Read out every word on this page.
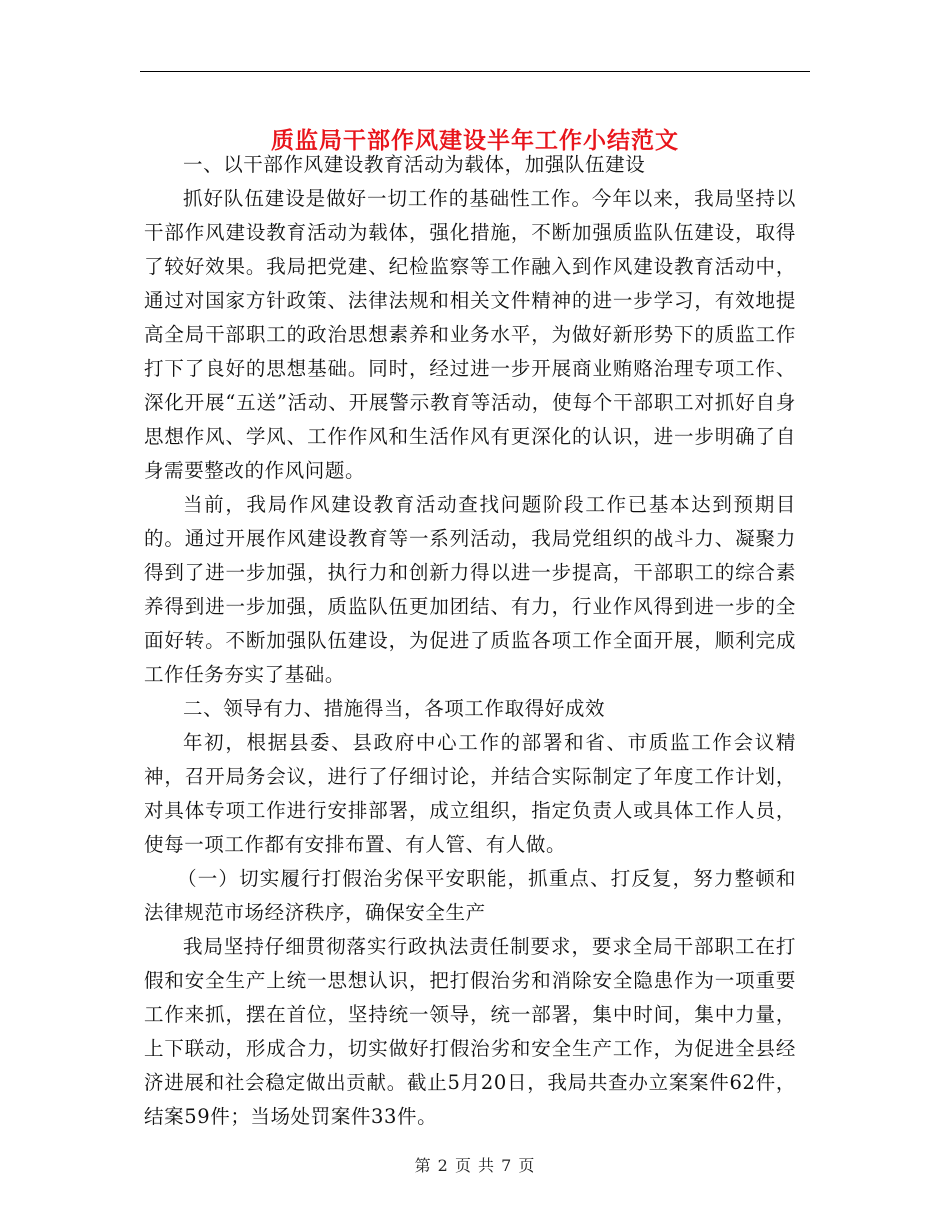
质监局干部作风建设半年工作小结范文

一、以干部作风建设教育活动为载体，加强队伍建设

抓好队伍建设是做好一切工作的基础性工作。今年以来，我局坚持以干部作风建设教育活动为载体，强化措施，不断加强质监队伍建设，取得了较好效果。我局把党建、纪检监察等工作融入到作风建设教育活动中，通过对国家方针政策、法律法规和相关文件精神的进一步学习，有效地提高全局干部职工的政治思想素养和业务水平，为做好新形势下的质监工作打下了良好的思想基础。同时，经过进一步开展商业贿赂治理专项工作、深化开展“五送”活动、开展警示教育等活动，使每个干部职工对抓好自身思想作风、学风、工作作风和生活作风有更深化的认识，进一步明确了自身需要整改的作风问题。

当前，我局作风建设教育活动查找问题阶段工作已基本达到预期目的。通过开展作风建设教育等一系列活动，我局党组织的战斗力、凝聚力得到了进一步加强，执行力和创新力得以进一步提高，干部职工的综合素养得到进一步加强，质监队伍更加团结、有力，行业作风得到进一步的全面好转。不断加强队伍建设，为促进了质监各项工作全面开展，顺利完成工作任务夯实了基础。

二、领导有力、措施得当，各项工作取得好成效

年初，根据县委、县政府中心工作的部署和省、市质监工作会议精神，召开局务会议，进行了仔细讨论，并结合实际制定了年度工作计划，对具体专项工作进行安排部署，成立组织，指定负责人或具体工作人员，使每一项工作都有安排布置、有人管、有人做。

（一）切实履行打假治劣保平安职能，抓重点、打反复，努力整顿和法律规范市场经济秩序，确保安全生产

我局坚持仔细贯彻落实行政执法责任制要求，要求全局干部职工在打假和安全生产上统一思想认识，把打假治劣和消除安全隐患作为一项重要工作来抓，摆在首位，坚持统一领导，统一部署，集中时间，集中力量，上下联动，形成合力，切实做好打假治劣和安全生产工作，为促进全县经济进展和社会稳定做出贡献。截止5月20日，我局共查办立案案件62件，结案59件；当场处罚案件33件。

第 2 页 共 7 页
